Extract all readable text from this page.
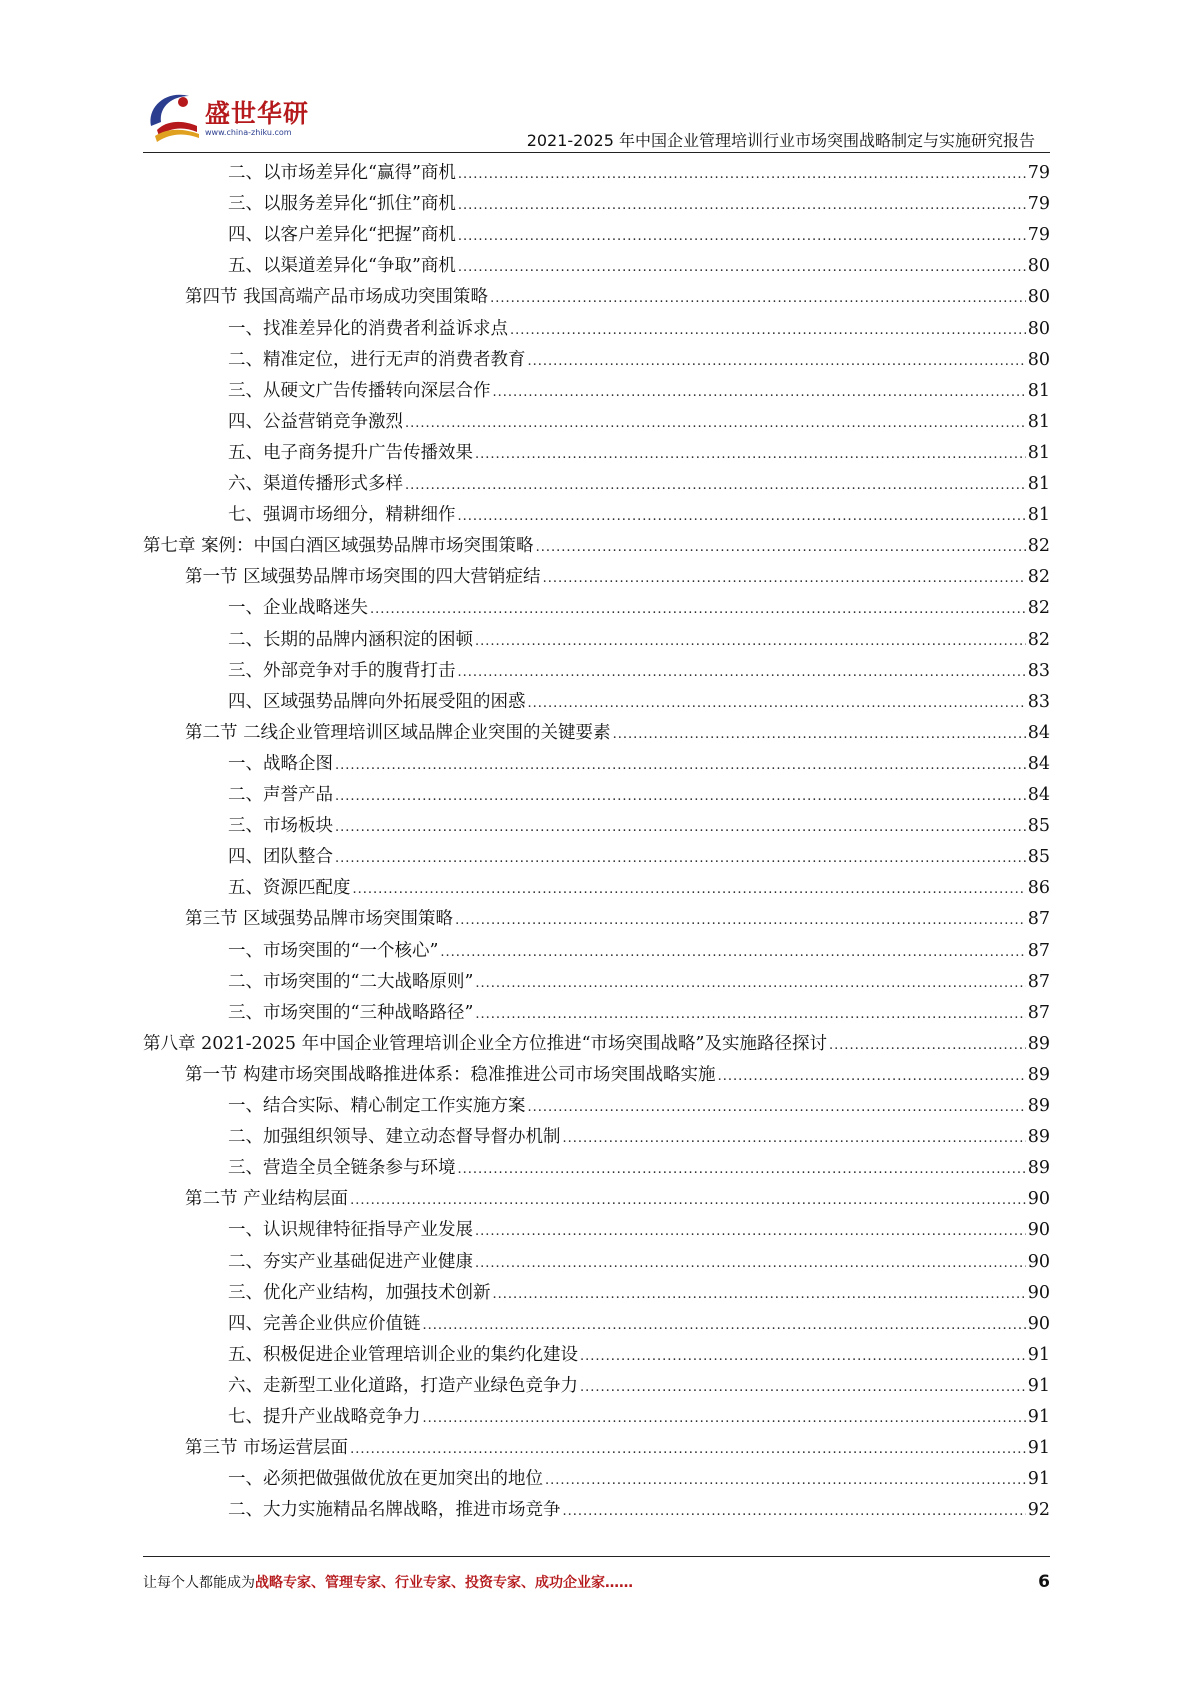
盛世华研
www.china-zhiku.com	2021-2025 年中国企业管理培训行业市场突围战略制定与实施研究报告
二、以市场差异化“赢得”商机 .....	79
三、以服务差异化“抓住”商机 .....	79
四、以客户差异化“把握”商机 .....	79
五、以渠道差异化“争取”商机 .....	80
第四节 我国高端产品市场成功突围策略 .....	80
一、找准差异化的消费者利益诉求点 .....	80
二、精准定位，进行无声的消费者教育 .....	80
三、从硬文广告传播转向深层合作 .....	81
四、公益营销竞争激烈 .....	81
五、电子商务提升广告传播效果 .....	81
六、渠道传播形式多样 .....	81
七、强调市场细分，精耕细作 .....	81
第七章 案例：中国白酒区域强势品牌市场突围策略 .....	82
第一节 区域强势品牌市场突围的四大营销症结 .....	82
一、企业战略迷失 .....	82
二、长期的品牌内涵积淀的困顿 .....	82
三、外部竞争对手的腹背打击 .....	83
四、区域强势品牌向外拓展受阻的困惑 .....	83
第二节 二线企业管理培训区域品牌企业突围的关键要素 .....	84
一、战略企图 .....	84
二、声誉产品 .....	84
三、市场板块 .....	85
四、团队整合 .....	85
五、资源匹配度 .....	86
第三节 区域强势品牌市场突围策略 .....	87
一、市场突围的“一个核心” .....	87
二、市场突围的“二大战略原则” .....	87
三、市场突围的“三种战略路径” .....	87
第八章 2021-2025 年中国企业管理培训企业全方位推进“市场突围战略”及实施路径探讨 .....	89
第一节 构建市场突围战略推进体系：稳准推进公司市场突围战略实施 .....	89
一、结合实际、精心制定工作实施方案 .....	89
二、加强组织领导、建立动态督导督办机制 .....	89
三、营造全员全链条参与环境 .....	89
第二节 产业结构层面 .....	90
一、认识规律特征指导产业发展 .....	90
二、夯实产业基础促进产业健康 .....	90
三、优化产业结构，加强技术创新 .....	90
四、完善企业供应价值链 .....	90
五、积极促进企业管理培训企业的集约化建设 .....	91
六、走新型工业化道路，打造产业绿色竞争力 .....	91
七、提升产业战略竞争力 .....	91
第三节 市场运营层面 .....	91
一、必须把做强做优放在更加突出的地位 .....	91
二、大力实施精品名牌战略，推进市场竞争 .....	92
让每个人都能成为战略专家、管理专家、行业专家、投资专家、成功企业家……	6
